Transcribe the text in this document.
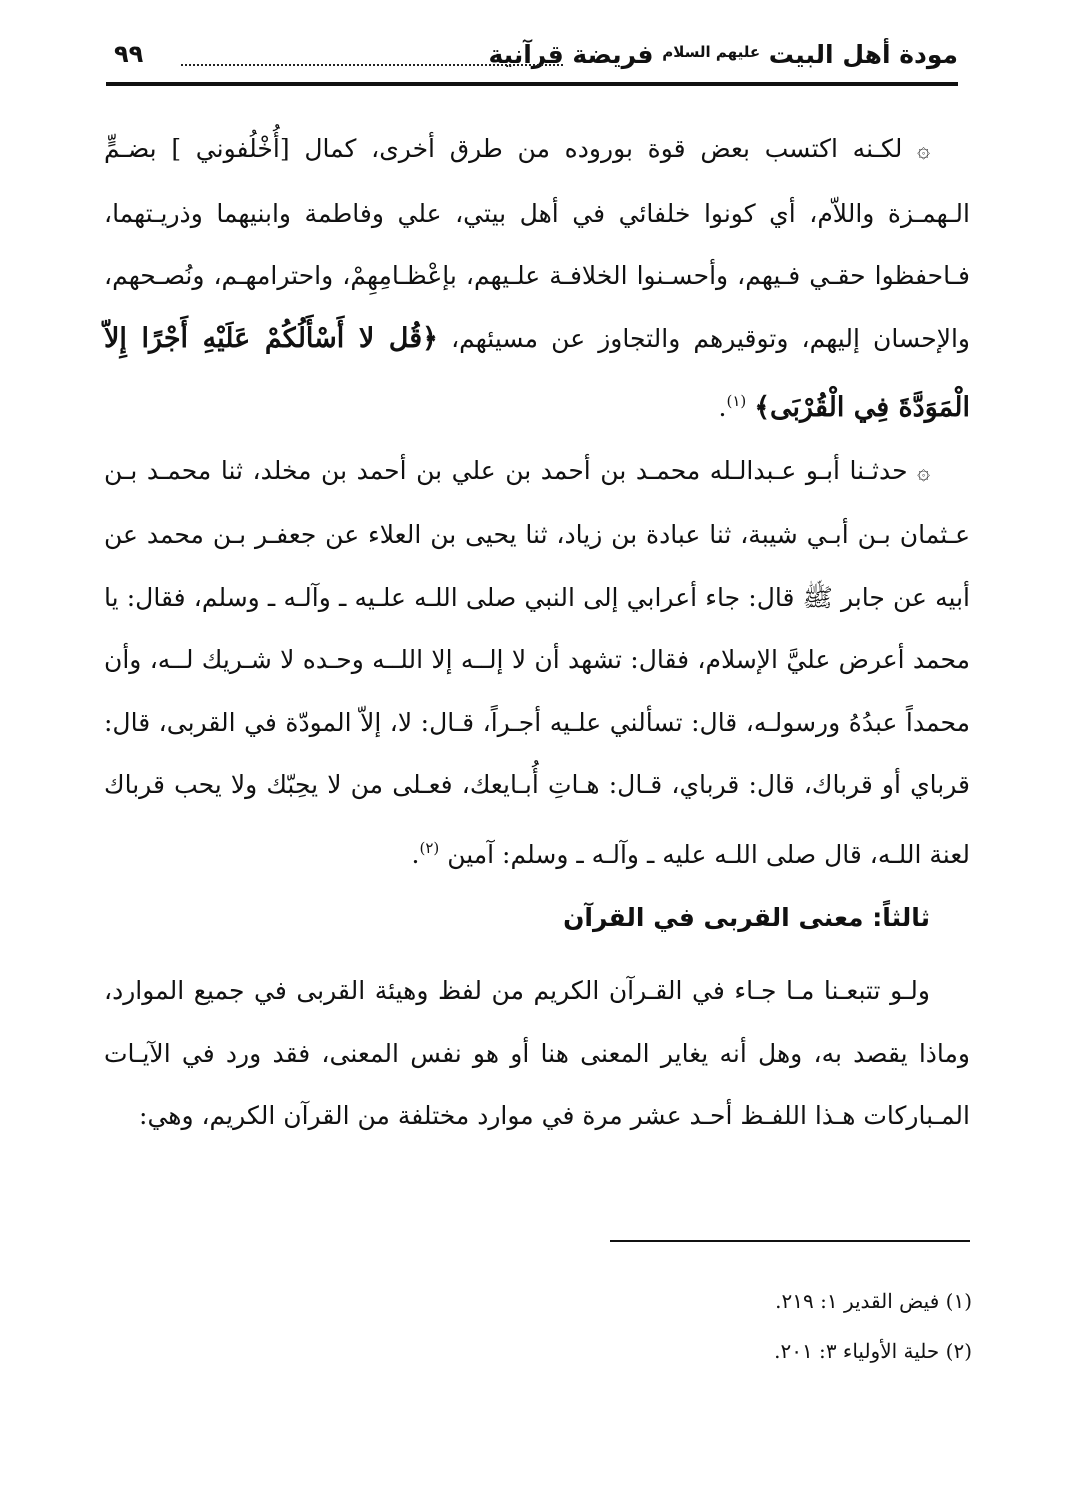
مودة أهل البيت $^{عليهم السلام}$ فريضة قرآنية
٩٩

۞ لكـنه اكتسب بعض قوة بوروده من طرق أخرى، كمال [أُخْلُفوني ] بضـمٍّ الـهمـزة واللاّم، أي كونوا خلفائي في أهل بيتي، علي وفاطمة وابنيهما وذريـتهما، فـاحفظوا حقـي فـيهم، وأحسـنوا الخلافـة علـيهم، بإعْظـامِهِمْ، واحترامهـم، ونُصـحهم، والإحسان إليهم، وتوقيرهم والتجاوز عن مسيئهم، ﴿قُل لا أَسْأَلُكُمْ عَلَيْهِ أَجْرًا إِلاّ الْمَوَدَّةَ فِي الْقُرْبَى﴾ $^{(١)}$.

۞ حدثـنا أبـو عـبدالـله محمـد بن أحمد بن علي بن أحمد بن مخلد، ثنا محمـد بـن عـثمان بـن أبـي شيبة، ثنا عبادة بن زياد، ثنا يحيى بن العلاء عن جعفـر بـن محمد عن أبيه عن جابر ﷺ قال: جاء أعرابي إلى النبي صلى اللـه علـيه ـ وآلـه ـ وسلم، فقال: يا محمد أعرض عليَّ الإسلام، فقال: تشهد أن لا إلــه إلا اللــه وحـده لا شـريك لــه، وأن محمداً عبدُهُ ورسولـه، قال: تسألني علـيه أجـراً، قـال: لا، إلاّ المودّة في القربى، قال: قرباي أو قرباك، قال: قرباي، قـال: هـاتِ أُبـايعك، فعـلى من لا يحِبّك ولا يحب قرباك لعنة اللـه، قال صلى اللـه عليه ـ وآلـه ـ وسلم: آمين $^{(٢)}$.

ثالثاً: معنى القربى في القرآن

ولـو تتبعـنا مـا جـاء في القـرآن الكريم من لفظ وهيئة القربى في جميع الموارد، وماذا يقصد به، وهل أنه يغاير المعنى هنا أو هو نفس المعنى، فقد ورد في الآيـات المـباركات هـذا اللفـظ أحـد عشر مرة في موارد مختلفة من القرآن الكريم، وهي:

(١) فيض القدير ١: ٢١٩.

(٢) حلية الأولياء ٣: ٢٠١.
